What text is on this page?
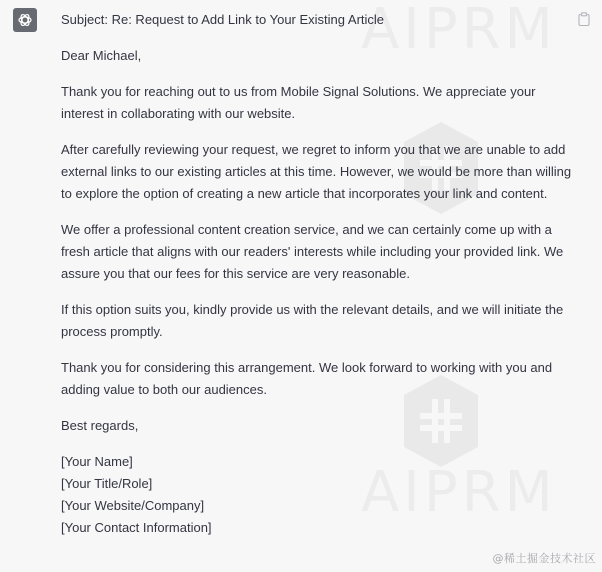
Subject: Re: Request to Add Link to Your Existing Article

Dear Michael,

Thank you for reaching out to us from Mobile Signal Solutions. We appreciate your interest in collaborating with our website.

After carefully reviewing your request, we regret to inform you that we are unable to add external links to our existing articles at this time. However, we would be more than willing to explore the option of creating a new article that incorporates your link and content.

We offer a professional content creation service, and we can certainly come up with a fresh article that aligns with our readers' interests while including your provided link. We assure you that our fees for this service are very reasonable.

If this option suits you, kindly provide us with the relevant details, and we will initiate the process promptly.

Thank you for considering this arrangement. We look forward to working with you and adding value to both our audiences.

Best regards,

[Your Name]

[Your Title/Role]

[Your Website/Company]

[Your Contact Information]

@稀土掘金技术社区
